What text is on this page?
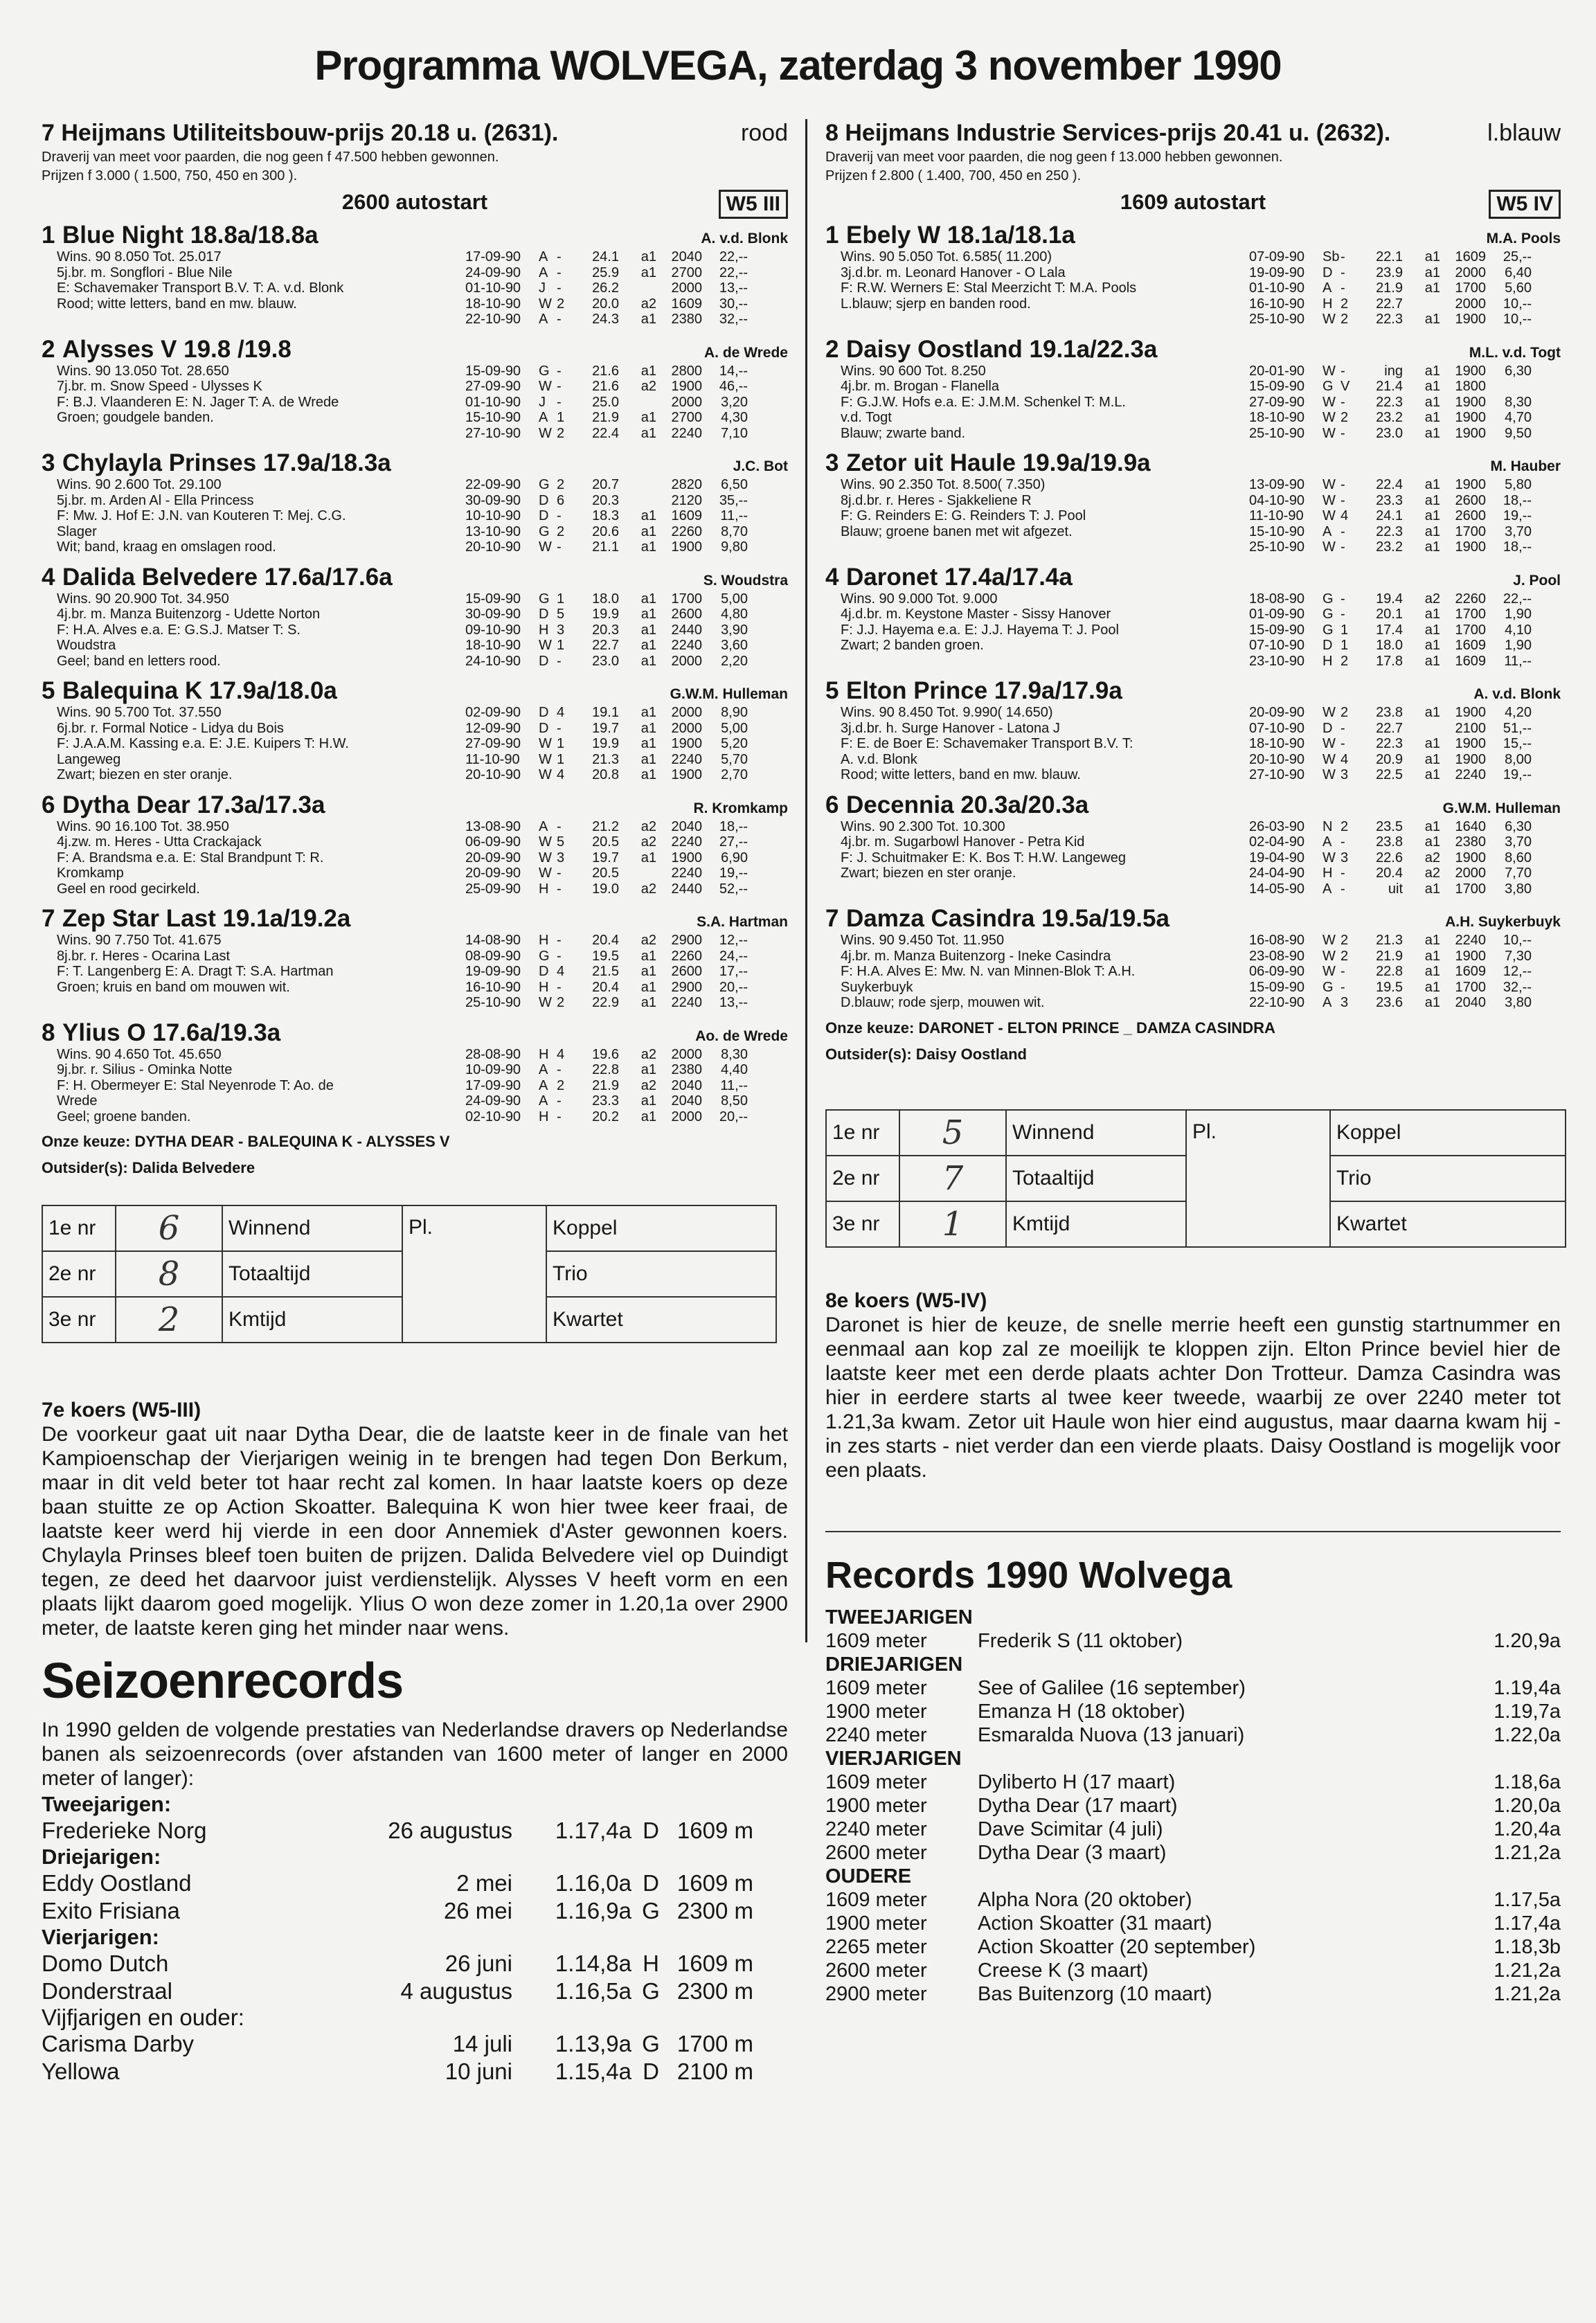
Programma WOLVEGA, zaterdag 3 november 1990
7 Heijmans Utiliteitsbouw-prijs 20.18 u. (2631).	rood
Draverij van meet voor paarden, die nog geen f 47.500 hebben gewonnen.
Prijzen f 3.000 ( 1.500, 750, 450 en 300 ).
2600 autostart	W5 III
1 Blue Night 18.8a/18.8a	A. v.d. Blonk
Wins. 90 8.050 Tot. 25.017
5j.br. m. Songflori - Blue Nile
E: Schavemaker Transport B.V. T: A. v.d. Blonk
Rood; witte letters, band en mw. blauw.
17-09-90	A -	24.1	a1	2040	22,--
24-09-90	A -	25.9	a1	2700	22,--
01-10-90	J -	26.2	2000	13,--
18-10-90	W 2	20.0	a2	1609	30,--
22-10-90	A -	24.3	a1	2380	32,--
2 Alysses V 19.8 /19.8	A. de Wrede
Wins. 90 13.050 Tot. 28.650
7j.br. m. Snow Speed - Ulysses K
F: B.J. Vlaanderen E: N. Jager T: A. de Wrede
Groen; goudgele banden.
15-09-90	G -	21.6	a1	2800	14,--
27-09-90	W -	21.6	a2	1900	46,--
01-10-90	J -	25.0	2000	3,20
15-10-90	A 1	21.9	a1	2700	4,30
27-10-90	W 2	22.4	a1	2240	7,10
3 Chylayla Prinses 17.9a/18.3a	J.C. Bot
Wins. 90 2.600 Tot. 29.100
5j.br. m. Arden Al - Ella Princess
F: Mw. J. Hof E: J.N. van Kouteren T: Mej. C.G.
Slager
Wit; band, kraag en omslagen rood.
22-09-90	G 2	20.7	2820	6,50
30-09-90	D 6	20.3	2120	35,--
10-10-90	D -	18.3	a1	1609	11,--
13-10-90	G 2	20.6	a1	2260	8,70
20-10-90	W -	21.1	a1	1900	9,80
4 Dalida Belvedere 17.6a/17.6a	S. Woudstra
Wins. 90 20.900 Tot. 34.950
4j.br. m. Manza Buitenzorg - Udette Norton
F: H.A. Alves e.a. E: G.S.J. Matser T: S.
Woudstra
Geel; band en letters rood.
15-09-90	G 1	18.0	a1	1700	5,00
30-09-90	D 5	19.9	a1	2600	4,80
09-10-90	H 3	20.3	a1	2440	3,90
18-10-90	W 1	22.7	a1	2240	3,60
24-10-90	D -	23.0	a1	2000	2,20
5 Balequina K 17.9a/18.0a	G.W.M. Hulleman
Wins. 90 5.700 Tot. 37.550
6j.br. r. Formal Notice - Lidya du Bois
F: J.A.A.M. Kassing e.a. E: J.E. Kuipers T: H.W.
Langeweg
Zwart; biezen en ster oranje.
02-09-90	D 4	19.1	a1	2000	8,90
12-09-90	D -	19.7	a1	2000	5,00
27-09-90	W 1	19.9	a1	1900	5,20
11-10-90	W 1	21.3	a1	2240	5,70
20-10-90	W 4	20.8	a1	1900	2,70
6 Dytha Dear 17.3a/17.3a	R. Kromkamp
Wins. 90 16.100 Tot. 38.950
4j.zw. m. Heres - Utta Crackajack
F: A. Brandsma e.a. E: Stal Brandpunt T: R.
Kromkamp
Geel en rood gecirkeld.
13-08-90	A -	21.2	a2	2040	18,--
06-09-90	W 5	20.5	a2	2240	27,--
20-09-90	W 3	19.7	a1	1900	6,90
20-09-90	W -	20.5	2240	19,--
25-09-90	H -	19.0	a2	2440	52,--
7 Zep Star Last 19.1a/19.2a	S.A. Hartman
Wins. 90 7.750 Tot. 41.675
8j.br. r. Heres - Ocarina Last
F: T. Langenberg E: A. Dragt T: S.A. Hartman
Groen; kruis en band om mouwen wit.
14-08-90	H -	20.4	a2	2900	12,--
08-09-90	G -	19.5	a1	2260	24,--
19-09-90	D 4	21.5	a1	2600	17,--
16-10-90	H -	20.4	a1	2900	20,--
25-10-90	W 2	22.9	a1	2240	13,--
8 Ylius O 17.6a/19.3a	Ao. de Wrede
Wins. 90 4.650 Tot. 45.650
9j.br. r. Silius - Ominka Notte
F: H. Obermeyer E: Stal Neyenrode T: Ao. de
Wrede
Geel; groene banden.
28-08-90	H 4	19.6	a2	2000	8,30
10-09-90	A -	22.8	a1	2380	4,40
17-09-90	A 2	21.9	a2	2040	11,--
24-09-90	A -	23.3	a1	2040	8,50
02-10-90	H -	20.2	a1	2000	20,--
Onze keuze: DYTHA DEAR - BALEQUINA K - ALYSSES V
Outsider(s): Dalida Belvedere
1e nr	6	Winnend	Pl.	Koppel
2e nr	8	Totaaltijd		Trio
3e nr	2	Kmtijd		Kwartet
7e koers (W5-III)
De voorkeur gaat uit naar Dytha Dear, die de laatste keer in de finale van het Kampioenschap der Vierjarigen weinig in te brengen had tegen Don Berkum, maar in dit veld beter tot haar recht zal komen. In haar laatste koers op deze baan stuitte ze op Action Skoatter. Balequina K won hier twee keer fraai, de laatste keer werd hij vierde in een door Annemiek d'Aster gewonnen koers. Chylayla Prinses bleef toen buiten de prijzen. Dalida Belvedere viel op Duindigt tegen, ze deed het daarvoor juist verdienstelijk. Alysses V heeft vorm en een plaats lijkt daarom goed mogelijk. Ylius O won deze zomer in 1.20,1a over 2900 meter, de laatste keren ging het minder naar wens.
Seizoenrecords
In 1990 gelden de volgende prestaties van Nederlandse dravers op Nederlandse banen als seizoenrecords (over afstanden van 1600 meter of langer en 2000 meter of langer):
Tweejarigen:
Frederieke Norg	26 augustus	1.17,4a D 1609 m
Driejarigen:
Eddy Oostland	2 mei	1.16,0a D 1609 m
Exito Frisiana	26 mei	1.16,9a G 2300 m
Vierjarigen:
Domo Dutch	26 juni	1.14,8a H 1609 m
Donderstraal	4 augustus	1.16,5a G 2300 m
Vijfjarigen en ouder:
Carisma Darby	14 juli	1.13,9a G 1700 m
Yellowa	10 juni	1.15,4a D 2100 m
8 Heijmans Industrie Services-prijs 20.41 u. (2632).	l.blauw
Draverij van meet voor paarden, die nog geen f 13.000 hebben gewonnen.
Prijzen f 2.800 ( 1.400, 700, 450 en 250 ).
1609 autostart	W5 IV
1 Ebely W 18.1a/18.1a	M.A. Pools
Wins. 90 5.050 Tot. 6.585( 11.200)
3j.d.br. m. Leonard Hanover - O Lala
F: R.W. Werners E: Stal Meerzicht T: M.A. Pools
L.blauw; sjerp en banden rood.
07-09-90	Sb -	22.1	a1	1609	25,--
19-09-90	D -	23.9	a1	2000	6,40
01-10-90	A -	21.9	a1	1700	5,60
16-10-90	H 2	22.7	2000	10,--
25-10-90	W 2	22.3	a1	1900	10,--
2 Daisy Oostland 19.1a/22.3a	M.L. v.d. Togt
Wins. 90 600 Tot. 8.250
4j.br. m. Brogan - Flanella
F: G.J.W. Hofs e.a. E: J.M.M. Schenkel T: M.L.
v.d. Togt
Blauw; zwarte band.
20-01-90	W -	ing	a1	1900	6,30
15-09-90	G V	21.4	a1	1800
27-09-90	W -	22.3	a1	1900	8,30
18-10-90	W 2	23.2	a1	1900	4,70
25-10-90	W -	23.0	a1	1900	9,50
3 Zetor uit Haule 19.9a/19.9a	M. Hauber
Wins. 90 2.350 Tot. 8.500( 7.350)
8j.d.br. r. Heres - Sjakkeliene R
F: G. Reinders E: G. Reinders T: J. Pool
Blauw; groene banen met wit afgezet.
13-09-90	W -	22.4	a1	1900	5,80
04-10-90	W -	23.3	a1	2600	18,--
11-10-90	W 4	24.1	a1	2600	19,--
15-10-90	A -	22.3	a1	1700	3,70
25-10-90	W -	23.2	a1	1900	18,--
4 Daronet 17.4a/17.4a	J. Pool
Wins. 90 9.000 Tot. 9.000
4j.d.br. m. Keystone Master - Sissy Hanover
F: J.J. Hayema e.a. E: J.J. Hayema T: J. Pool
Zwart; 2 banden groen.
18-08-90	G -	19.4	a2	2260	22,--
01-09-90	G -	20.1	a1	1700	1,90
15-09-90	G 1	17.4	a1	1700	4,10
07-10-90	D 1	18.0	a1	1609	1,90
23-10-90	H 2	17.8	a1	1609	11,--
5 Elton Prince 17.9a/17.9a	A. v.d. Blonk
Wins. 90 8.450 Tot. 9.990( 14.650)
3j.d.br. h. Surge Hanover - Latona J
F: E. de Boer E: Schavemaker Transport B.V. T:
A. v.d. Blonk
Rood; witte letters, band en mw. blauw.
20-09-90	W 2	23.8	a1	1900	4,20
07-10-90	D -	22.7	2100	51,--
18-10-90	W -	22.3	a1	1900	15,--
20-10-90	W 4	20.9	a1	1900	8,00
27-10-90	W 3	22.5	a1	2240	19,--
6 Decennia 20.3a/20.3a	G.W.M. Hulleman
Wins. 90 2.300 Tot. 10.300
4j.br. m. Sugarbowl Hanover - Petra Kid
F: J. Schuitmaker E: K. Bos T: H.W. Langeweg
Zwart; biezen en ster oranje.
26-03-90	N 2	23.5	a1	1640	6,30
02-04-90	A -	23.8	a1	2380	3,70
19-04-90	W 3	22.6	a2	1900	8,60
24-04-90	H -	20.4	a2	2000	7,70
14-05-90	A -	uit	a1	1700	3,80
7 Damza Casindra 19.5a/19.5a	A.H. Suykerbuyk
Wins. 90 9.450 Tot. 11.950
4j.br. m. Manza Buitenzorg - Ineke Casindra
F: H.A. Alves E: Mw. N. van Minnen-Blok T: A.H.
Suykerbuyk
D.blauw; rode sjerp, mouwen wit.
16-08-90	W 2	21.3	a1	2240	10,--
23-08-90	W 2	21.9	a1	1900	7,30
06-09-90	W -	22.8	a1	1609	12,--
15-09-90	G -	19.5	a1	1700	32,--
22-10-90	A 3	23.6	a1	2040	3,80
Onze keuze: DARONET - ELTON PRINCE _ DAMZA CASINDRA
Outsider(s): Daisy Oostland
1e nr	5	Winnend	Pl.	Koppel
2e nr	7	Totaaltijd		Trio
3e nr	1	Kmtijd		Kwartet
8e koers (W5-IV)
Daronet is hier de keuze, de snelle merrie heeft een gunstig startnummer en eenmaal aan kop zal ze moeilijk te kloppen zijn. Elton Prince beviel hier de laatste keer met een derde plaats achter Don Trotteur. Damza Casindra was hier in eerdere starts al twee keer tweede, waarbij ze over 2240 meter tot 1.21,3a kwam. Zetor uit Haule won hier eind augustus, maar daarna kwam hij - in zes starts - niet verder dan een vierde plaats. Daisy Oostland is mogelijk voor een plaats.
Records 1990 Wolvega
TWEEJARIGEN
1609 meter	Frederik S (11 oktober)	1.20,9a
DRIEJARIGEN
1609 meter	See of Galilee (16 september)	1.19,4a
1900 meter	Emanza H (18 oktober)	1.19,7a
2240 meter	Esmaralda Nuova (13 januari)	1.22,0a
VIERJARIGEN
1609 meter	Dyliberto H (17 maart)	1.18,6a
1900 meter	Dytha Dear (17 maart)	1.20,0a
2240 meter	Dave Scimitar (4 juli)	1.20,4a
2600 meter	Dytha Dear (3 maart)	1.21,2a
OUDERE
1609 meter	Alpha Nora (20 oktober)	1.17,5a
1900 meter	Action Skoatter (31 maart)	1.17,4a
2265 meter	Action Skoatter (20 september)	1.18,3b
2600 meter	Creese K (3 maart)	1.21,2a
2900 meter	Bas Buitenzorg (10 maart)	1.21,2a
